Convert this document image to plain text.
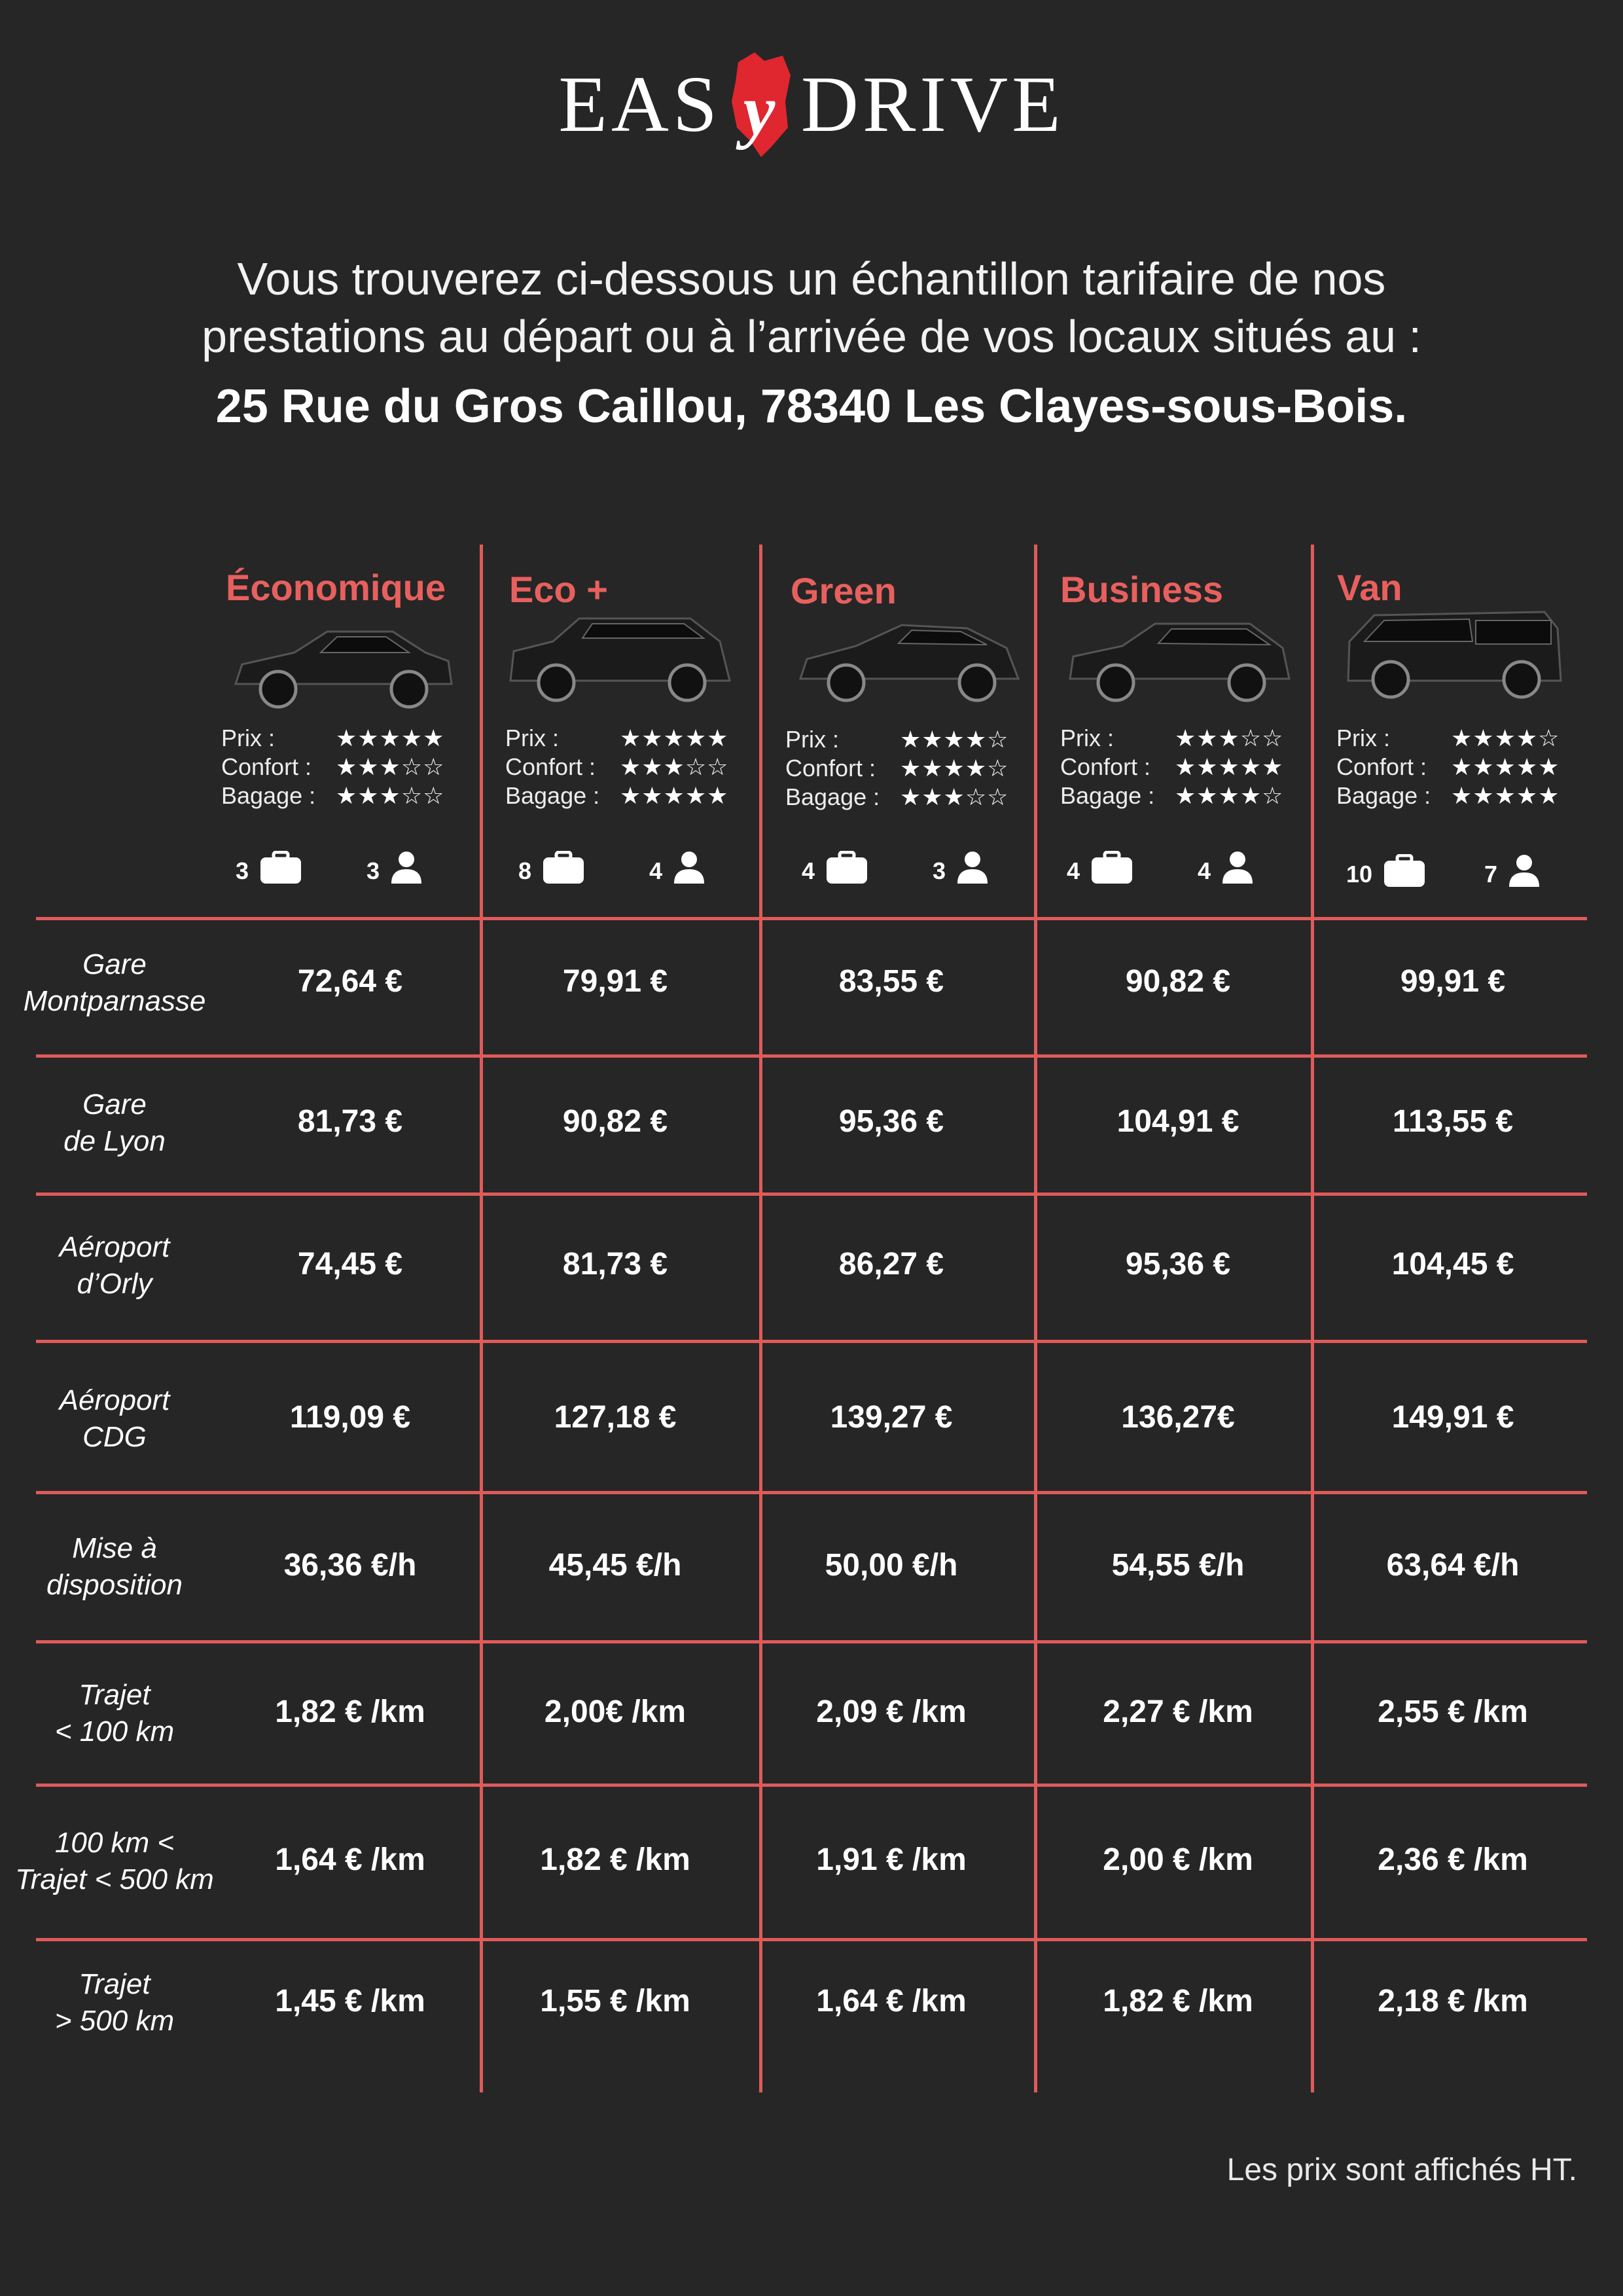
EAS y DRIVE
Vous trouverez ci-dessous un échantillon tarifaire de nos
prestations au départ ou à l’arrivée de vos locaux situés au :
25 Rue du Gros Caillou, 78340 Les Clayes-sous-Bois.
Économique
Prix :	★★★★★
Confort :	★★★☆☆
Bagage : ★★★☆☆
3	3
Eco +
Prix :	★★★★★
Confort :	★★★☆☆
Bagage : ★★★★★
8	4
Green
Prix :	★★★★☆
Confort :	★★★★☆
Bagage : ★★★☆☆
4	3
Business
Prix :	★★★☆☆
Confort :	★★★★★
Bagage : ★★★★☆
4	4
Van
Prix :	★★★★☆
Confort :	★★★★★
Bagage : ★★★★★
10	7
Gare
Montparnasse
72,64 €	79,91 €	83,55 €	90,82 €	99,91 €
Gare
de Lyon
81,73 €	90,82 €	95,36 €	104,91 €	113,55 €
Aéroport
d’Orly
74,45 €	81,73 €	86,27 €	95,36 €	104,45 €
Aéroport
CDG
119,09 €	127,18 €	139,27 €	136,27€	149,91 €
Mise à
disposition
36,36 €/h	45,45 €/h	50,00 €/h	54,55 €/h	63,64 €/h
Trajet
< 100 km
1,82 € /km	2,00€ /km	2,09 € /km	2,27 € /km	2,55 € /km
100 km <
Trajet < 500 km
1,64 € /km	1,82 € /km	1,91 € /km	2,00 € /km	2,36 € /km
Trajet
> 500 km
1,45 € /km	1,55 € /km	1,64 € /km	1,82 € /km	2,18 € /km
Les prix sont affichés HT.
